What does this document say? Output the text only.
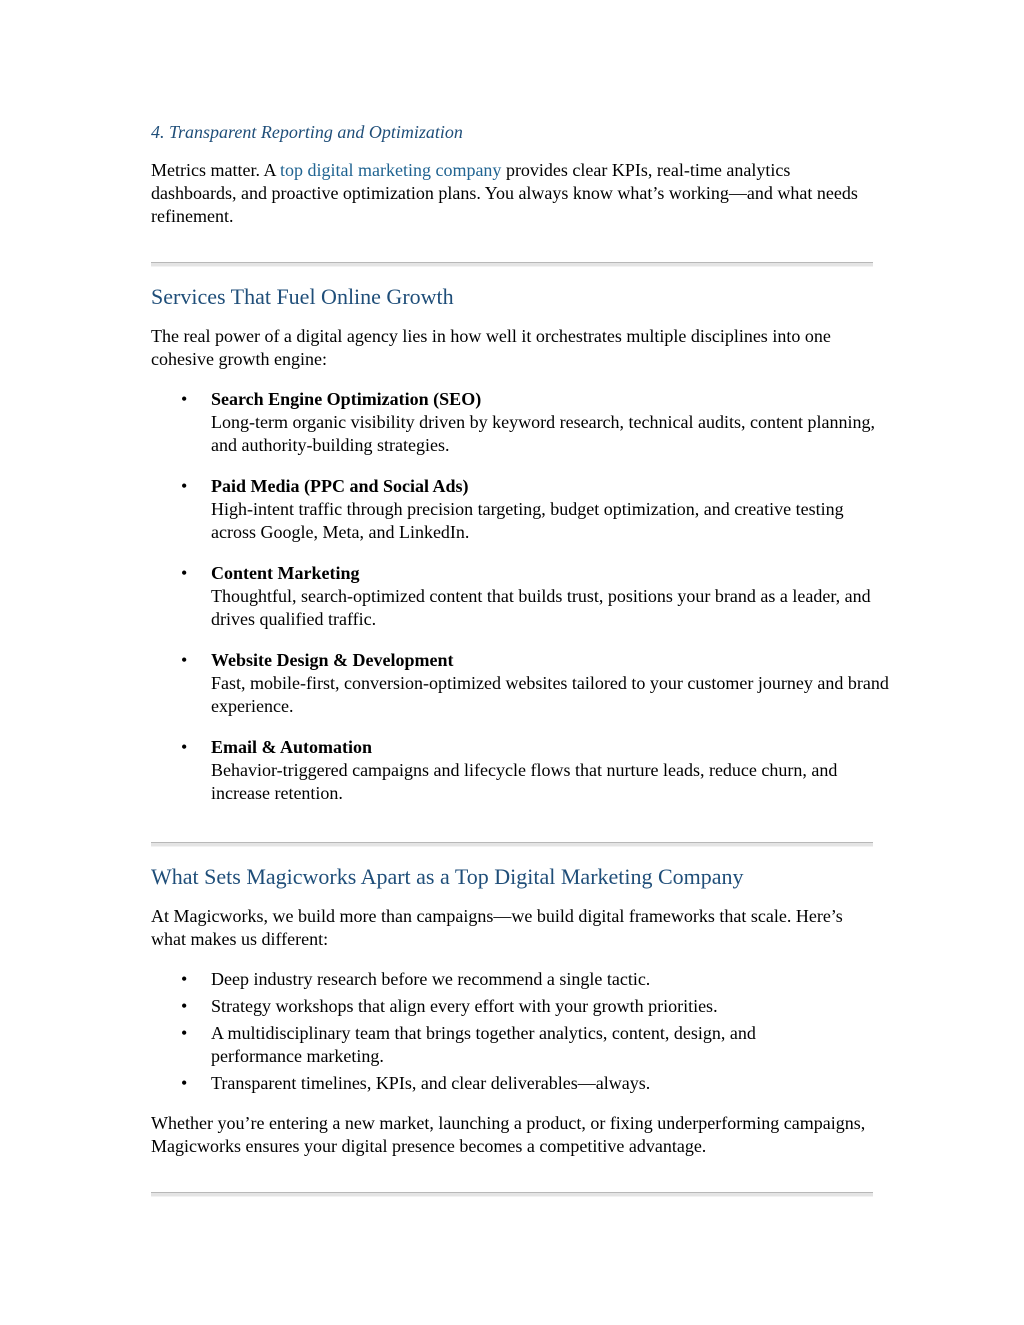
4. Transparent Reporting and Optimization

Metrics matter. A top digital marketing company provides clear KPIs, real-time analytics dashboards, and proactive optimization plans. You always know what’s working—and what needs refinement.

Services That Fuel Online Growth

The real power of a digital agency lies in how well it orchestrates multiple disciplines into one cohesive growth engine:

• Search Engine Optimization (SEO)
Long-term organic visibility driven by keyword research, technical audits, content planning, and authority-building strategies.
• Paid Media (PPC and Social Ads)
High-intent traffic through precision targeting, budget optimization, and creative testing across Google, Meta, and LinkedIn.
• Content Marketing
Thoughtful, search-optimized content that builds trust, positions your brand as a leader, and drives qualified traffic.
• Website Design & Development
Fast, mobile-first, conversion-optimized websites tailored to your customer journey and brand experience.
• Email & Automation
Behavior-triggered campaigns and lifecycle flows that nurture leads, reduce churn, and increase retention.
What Sets Magicworks Apart as a Top Digital Marketing Company

At Magicworks, we build more than campaigns—we build digital frameworks that scale. Here’s what makes us different:

• Deep industry research before we recommend a single tactic.
• Strategy workshops that align every effort with your growth priorities.
• A multidisciplinary team that brings together analytics, content, design, and performance marketing.
• Transparent timelines, KPIs, and clear deliverables—always.

Whether you’re entering a new market, launching a product, or fixing underperforming campaigns, Magicworks ensures your digital presence becomes a competitive advantage.
